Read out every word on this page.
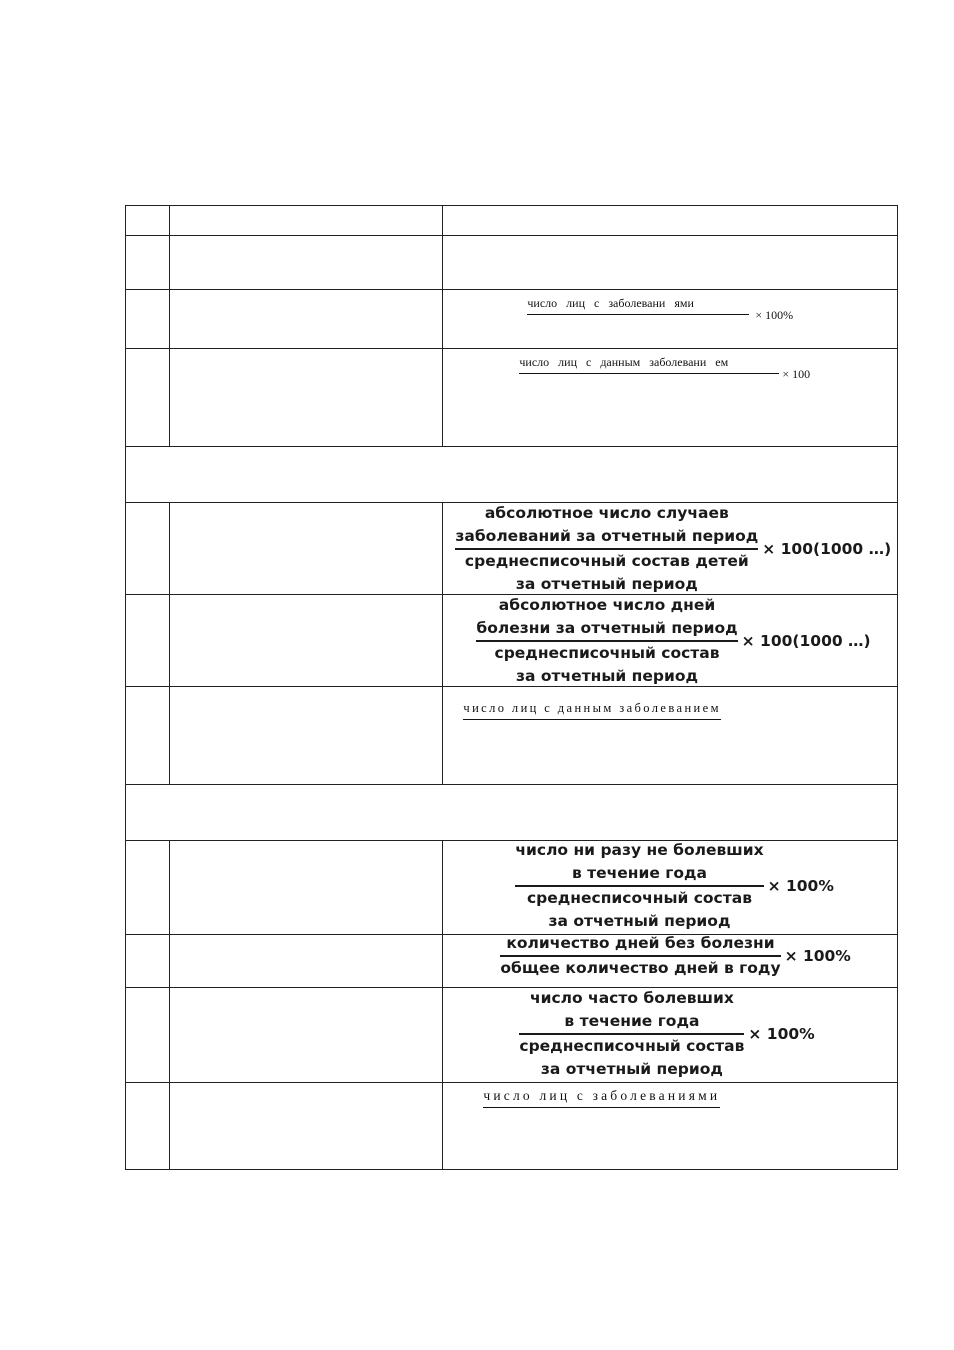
		число лиц с заболевани ями
× 100%

		число лиц с данным заболевани ем
× 100

		абсолютное число случаев
заболеваний за отчетный период
среднесписочный состав детей
за отчетный период
× 100(1000 …)

		абсолютное число дней
болезни за отчетный период
среднесписочный состав
за отчетный период
× 100(1000 …)

		число лиц с данным заболеванием

		число ни разу не болевших
в течение года
среднесписочный состав
за отчетный период × 100%

		$\frac{\text{количество дней без болезни}}{\text{общее количество дней в году}} \times 100\%$

		число часто болевших
в течение года
среднесписочный состав
за отчетный период × 100%

		число лиц с заболеваниями
